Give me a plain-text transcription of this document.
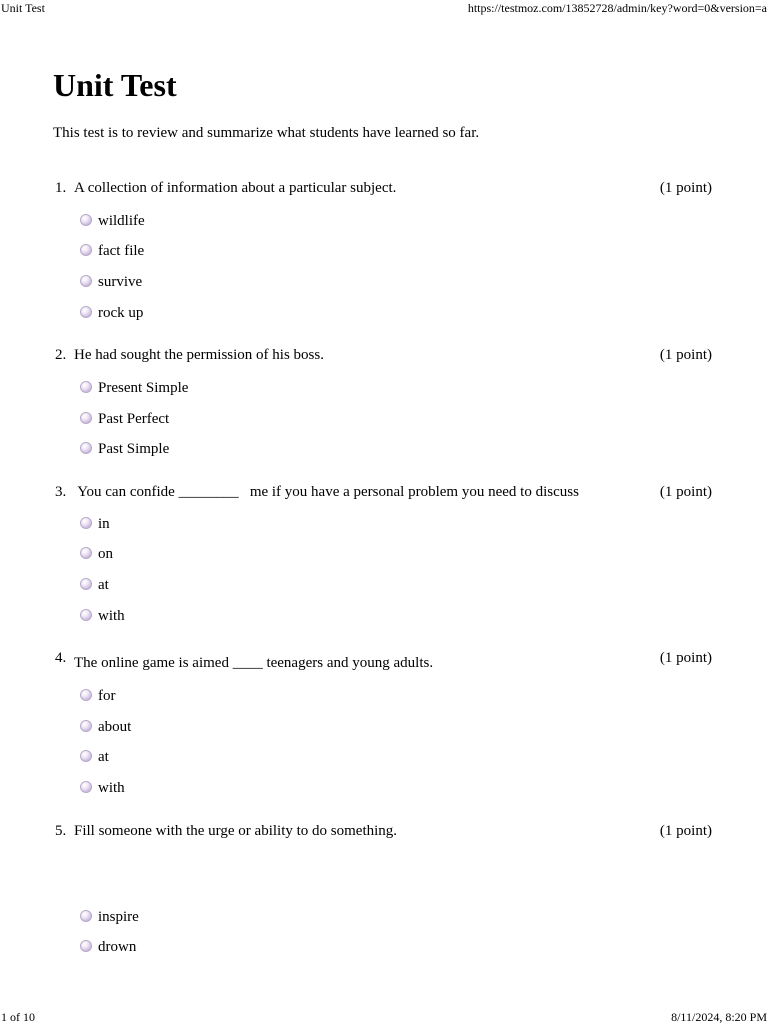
Unit Test	https://testmoz.com/13852728/admin/key?word=0&version=a
Unit Test
This test is to review and summarize what students have learned so far.
1. A collection of information about a particular subject.	(1 point)
wildlife
fact file
survive
rock up
2. He had sought the permission of his boss.	(1 point)
Present Simple
Past Perfect
Past Simple
3. You can confide ________   me if you have a personal problem you need to discuss	(1 point)
in
on
at
with
4. The online game is aimed ____ teenagers and young adults.	(1 point)
for
about
at
with
5. Fill someone with the urge or ability to do something.	(1 point)
inspire
drown
1 of 10	8/11/2024, 8:20 PM
